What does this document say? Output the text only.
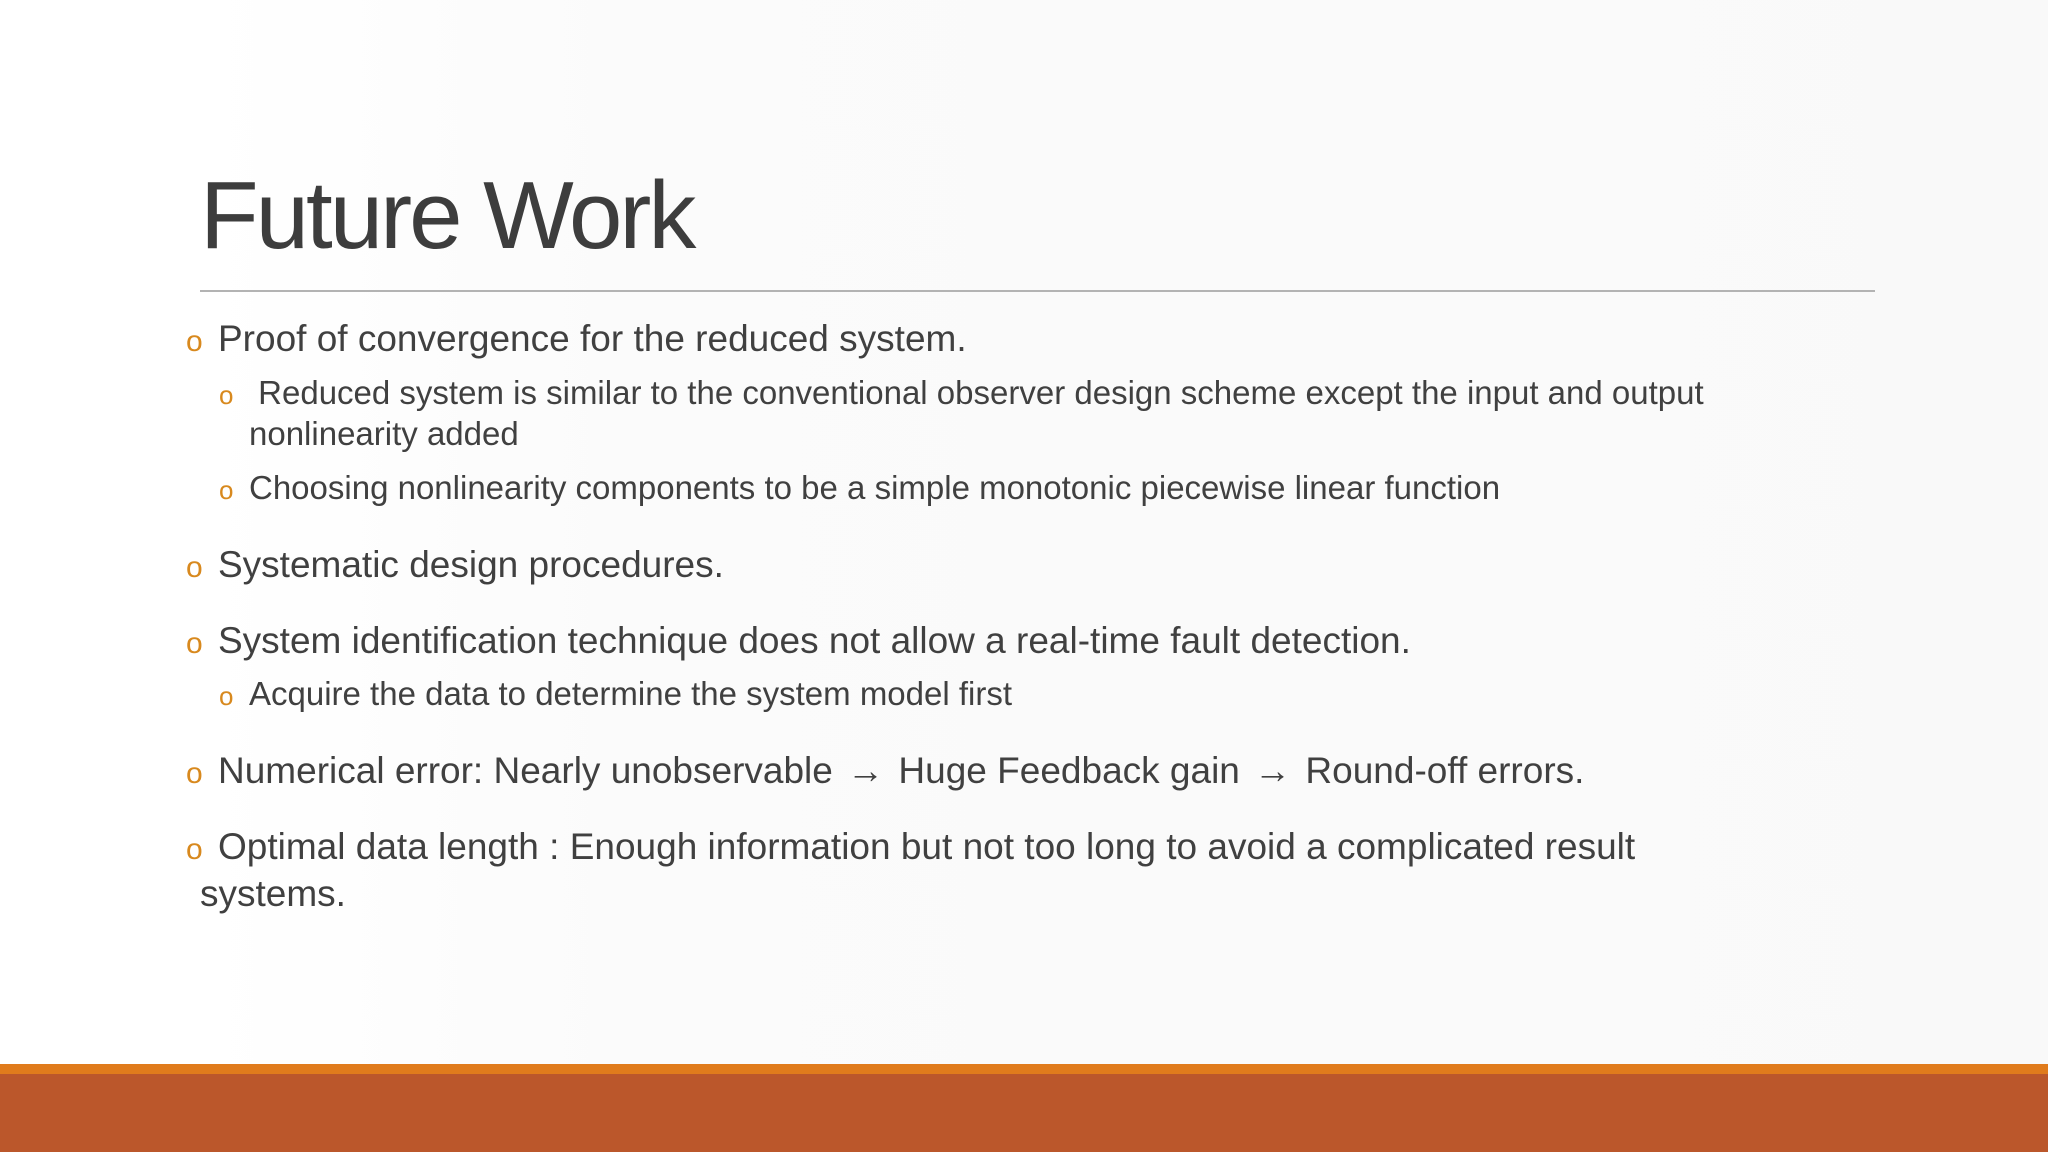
Future Work
o Proof of convergence for the reduced system.
o Reduced system is similar to the conventional observer design scheme except the input and output
nonlinearity added
o Choosing nonlinearity components to be a simple monotonic piecewise linear function
o Systematic design procedures.
o System identification technique does not allow a real-time fault detection.
o Acquire the data to determine the system model first
o Numerical error: Nearly unobservable → Huge Feedback gain → Round-off errors.
o Optimal data length : Enough information but not too long to avoid a complicated result
systems.
